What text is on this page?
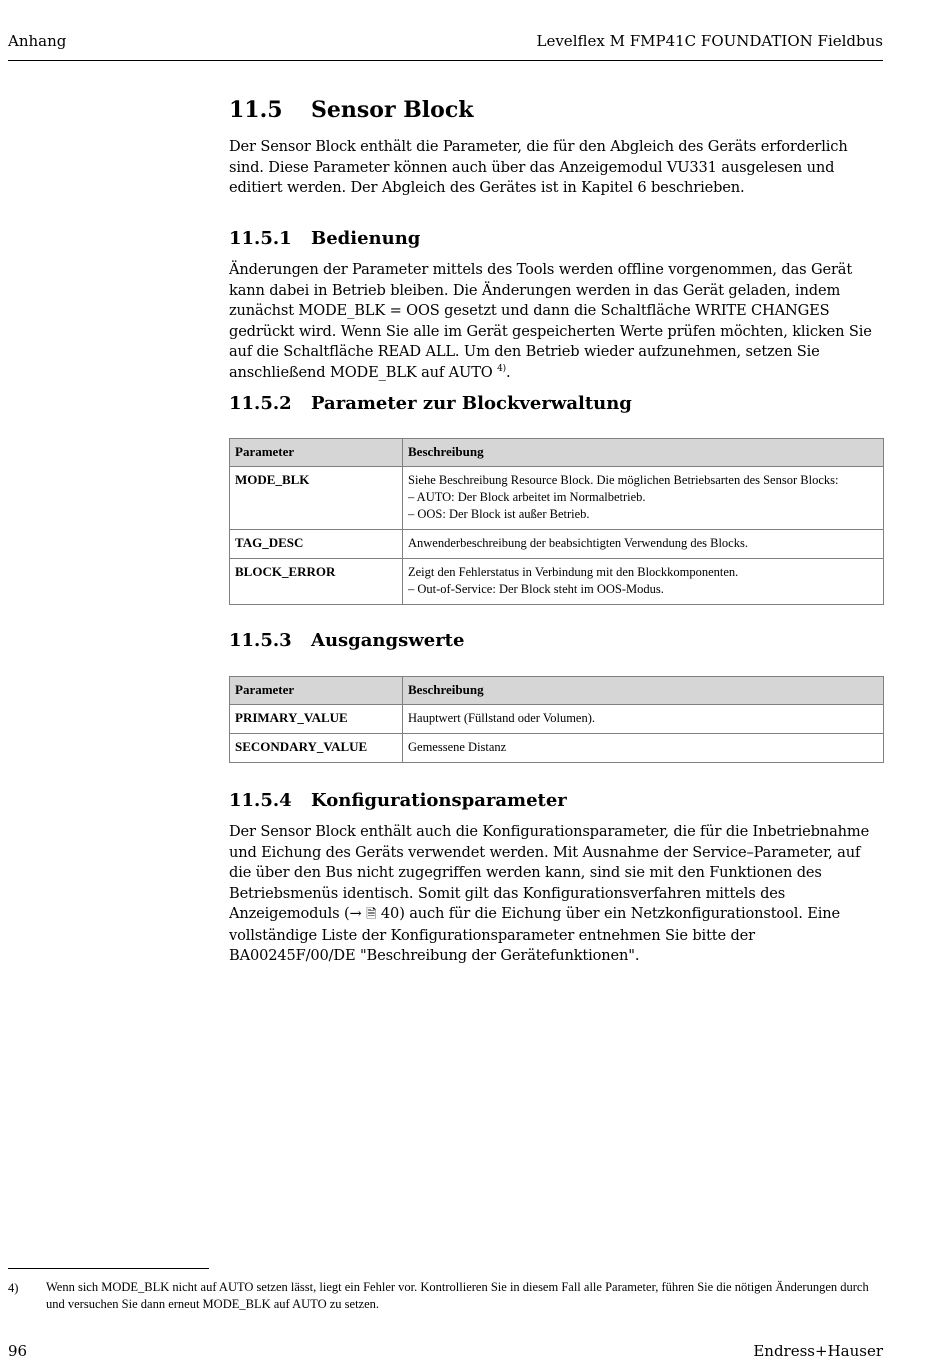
Anhang	Levelflex M FMP41C FOUNDATION Fieldbus
11.5 Sensor Block

Der Sensor Block enthält die Parameter, die für den Abgleich des Geräts erforderlich sind. Diese Parameter können auch über das Anzeigemodul VU331 ausgelesen und editiert werden. Der Abgleich des Gerätes ist in Kapitel 6 beschrieben.

11.5.1 Bedienung

Änderungen der Parameter mittels des Tools werden offline vorgenommen, das Gerät kann dabei in Betrieb bleiben. Die Änderungen werden in das Gerät geladen, indem zunächst MODE_BLK = OOS gesetzt und dann die Schaltfläche WRITE CHANGES gedrückt wird. Wenn Sie alle im Gerät gespeicherten Werte prüfen möchten, klicken Sie auf die Schaltfläche READ ALL. Um den Betrieb wieder aufzunehmen, setzen Sie anschließend MODE_BLK auf AUTO $^{4)}$.

11.5.2 Parameter zur Blockverwaltung
Parameter	Beschreibung
MODE_BLK	Siehe Beschreibung Resource Block. Die möglichen Betriebsarten des Sensor Blocks:
– AUTO: Der Block arbeitet im Normalbetrieb.
– OOS: Der Block ist außer Betrieb.

TAG_DESC	Anwenderbeschreibung der beabsichtigten Verwendung des Blocks.
BLOCK_ERROR	Zeigt den Fehlerstatus in Verbindung mit den Blockkomponenten.
– Out-of-Service: Der Block steht im OOS-Modus.
11.5.3 Ausgangswerte
Parameter	Beschreibung
PRIMARY_VALUE	Hauptwert (Füllstand oder Volumen).
SECONDARY_VALUE	Gemessene Distanz
11.5.4 Konfigurationsparameter

Der Sensor Block enthält auch die Konfigurationsparameter, die für die Inbetriebnahme und Eichung des Geräts verwendet werden. Mit Ausnahme der Service–Parameter, auf die über den Bus nicht zugegriffen werden kann, sind sie mit den Funktionen des Betriebsmenüs identisch. Somit gilt das Konfigurationsverfahren mittels des Anzeigemoduls (→ 🗎 40) auch für die Eichung über ein Netzkonfigurationstool. Eine vollständige Liste der Konfigurationsparameter entnehmen Sie bitte der BA00245F/00/DE "Beschreibung der Gerätefunktionen".

4) Wenn sich MODE_BLK nicht auf AUTO setzen lässt, liegt ein Fehler vor. Kontrollieren Sie in diesem Fall alle Parameter, führen Sie die nötigen Änderungen durch und versuchen Sie dann erneut MODE_BLK auf AUTO zu setzen.
96	Endress+Hauser
